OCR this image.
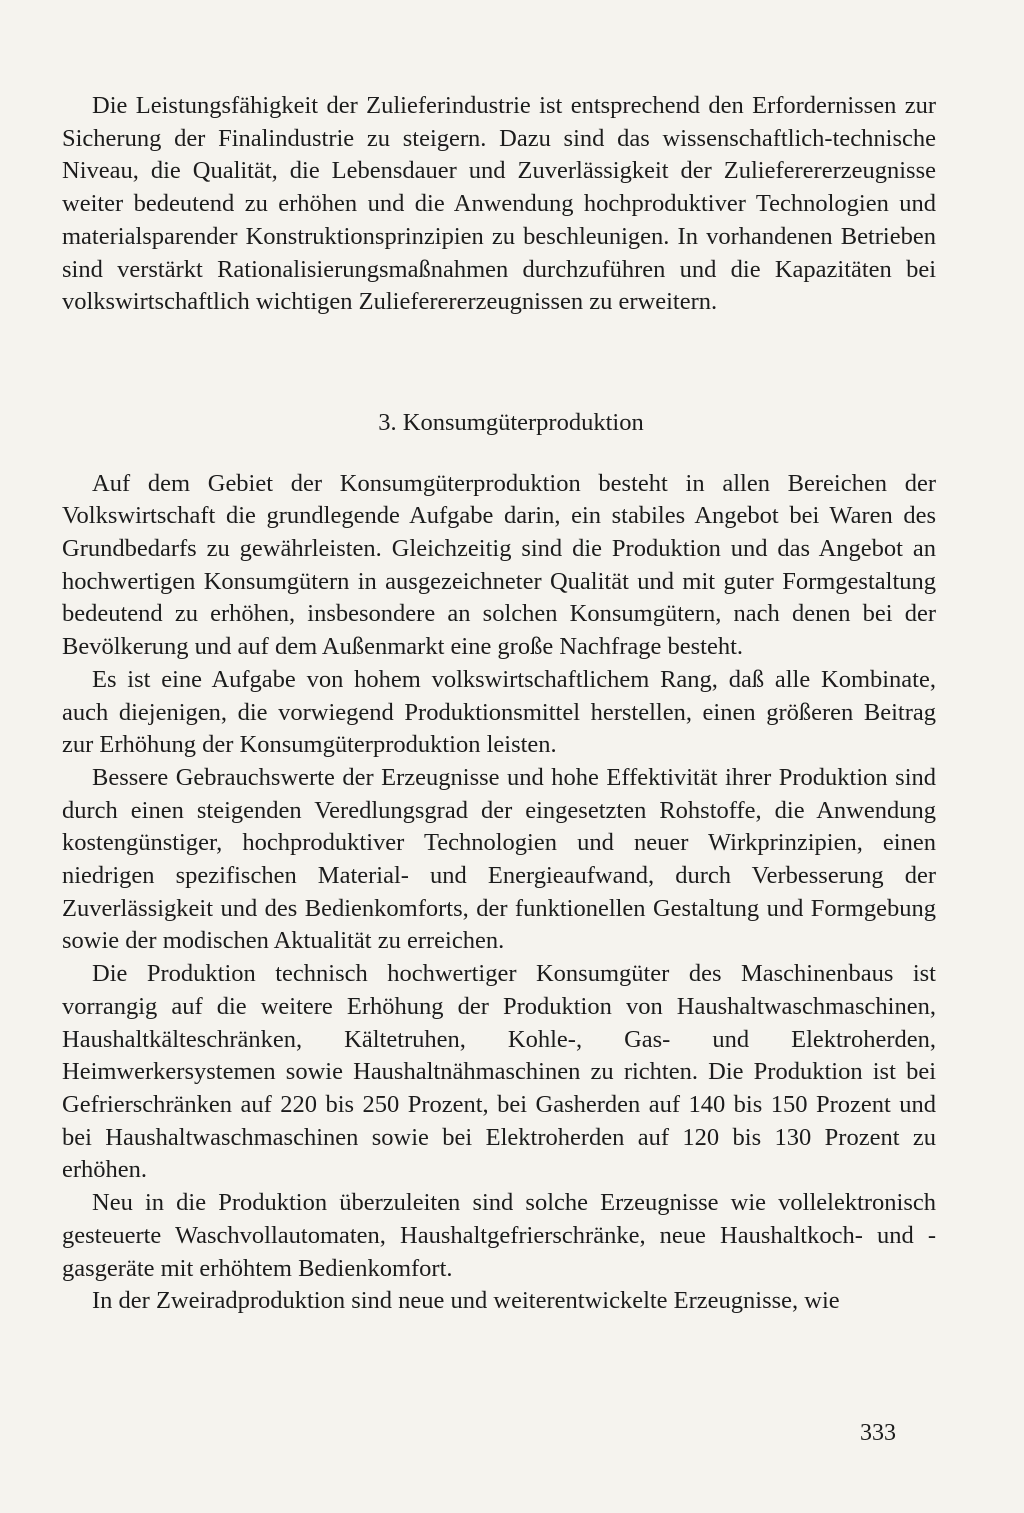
Die Leistungsfähigkeit der Zulieferindustrie ist entsprechend den Erfordernissen zur Sicherung der Finalindustrie zu steigern. Dazu sind das wissenschaftlich-technische Niveau, die Qualität, die Lebensdauer und Zuverlässigkeit der Zulieferererzeugnisse weiter bedeutend zu erhöhen und die Anwendung hochproduktiver Technologien und materialsparender Konstruktionsprinzipien zu beschleunigen. In vorhandenen Betrieben sind verstärkt Rationalisierungsmaßnahmen durchzuführen und die Kapazitäten bei volkswirtschaftlich wichtigen Zulieferererzeugnissen zu erweitern.

3. Konsumgüterproduktion

Auf dem Gebiet der Konsumgüterproduktion besteht in allen Bereichen der Volkswirtschaft die grundlegende Aufgabe darin, ein stabiles Angebot bei Waren des Grundbedarfs zu gewährleisten. Gleichzeitig sind die Produktion und das Angebot an hochwertigen Konsumgütern in ausgezeichneter Qualität und mit guter Formgestaltung bedeutend zu erhöhen, insbesondere an solchen Konsumgütern, nach denen bei der Bevölkerung und auf dem Außenmarkt eine große Nachfrage besteht.

Es ist eine Aufgabe von hohem volkswirtschaftlichem Rang, daß alle Kombinate, auch diejenigen, die vorwiegend Produktionsmittel herstellen, einen größeren Beitrag zur Erhöhung der Konsumgüterproduktion leisten.

Bessere Gebrauchswerte der Erzeugnisse und hohe Effektivität ihrer Produktion sind durch einen steigenden Veredlungsgrad der eingesetzten Rohstoffe, die Anwendung kostengünstiger, hochproduktiver Technologien und neuer Wirkprinzipien, einen niedrigen spezifischen Material- und Energieaufwand, durch Verbesserung der Zuverlässigkeit und des Bedienkomforts, der funktionellen Gestaltung und Formgebung sowie der modischen Aktualität zu erreichen.

Die Produktion technisch hochwertiger Konsumgüter des Maschinenbaus ist vorrangig auf die weitere Erhöhung der Produktion von Haushaltwaschmaschinen, Haushaltkälteschränken, Kältetruhen, Kohle-, Gas- und Elektroherden, Heimwerkersystemen sowie Haushaltnähmaschinen zu richten. Die Produktion ist bei Gefrierschränken auf 220 bis 250 Prozent, bei Gasherden auf 140 bis 150 Prozent und bei Haushaltwaschmaschinen sowie bei Elektroherden auf 120 bis 130 Prozent zu erhöhen.

Neu in die Produktion überzuleiten sind solche Erzeugnisse wie vollelektronisch gesteuerte Waschvollautomaten, Haushaltgefrierschränke, neue Haushaltkoch- und -gasgeräte mit erhöhtem Bedienkomfort.

In der Zweiradproduktion sind neue und weiterentwickelte Erzeugnisse, wie

333
